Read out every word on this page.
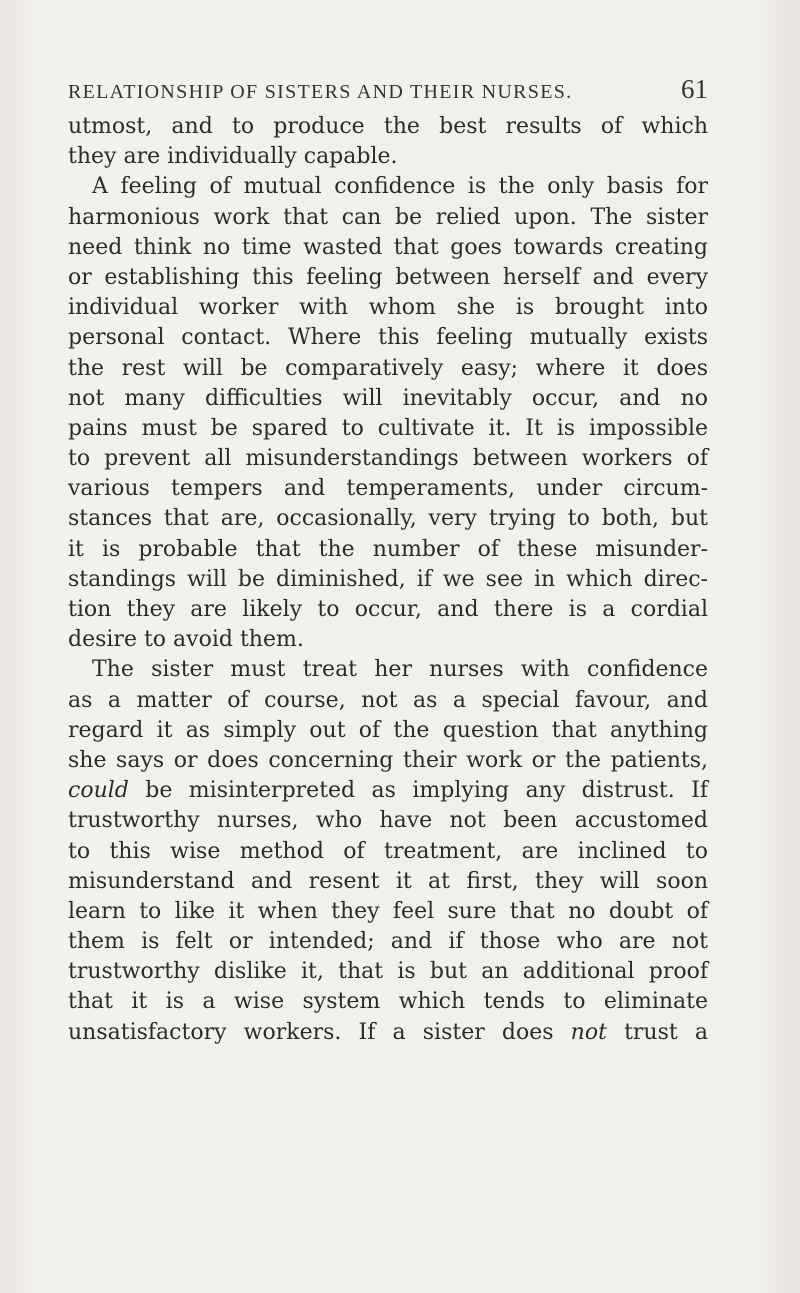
RELATIONSHIP OF SISTERS AND THEIR NURSES.	61
utmost, and to produce the best results of which
they are individually capable.
A feeling of mutual confidence is the only basis for
harmonious work that can be relied upon. The sister
need think no time wasted that goes towards creating
or establishing this feeling between herself and every
individual worker with whom she is brought into
personal contact. Where this feeling mutually exists
the rest will be comparatively easy; where it does
not many difficulties will inevitably occur, and no
pains must be spared to cultivate it. It is impossible
to prevent all misunderstandings between workers of
various tempers and temperaments, under circum-
stances that are, occasionally, very trying to both, but
it is probable that the number of these misunder-
standings will be diminished, if we see in which direc-
tion they are likely to occur, and there is a cordial
desire to avoid them.
The sister must treat her nurses with confidence
as a matter of course, not as a special favour, and
regard it as simply out of the question that anything
she says or does concerning their work or the patients,
could be misinterpreted as implying any distrust. If
trustworthy nurses, who have not been accustomed
to this wise method of treatment, are inclined to
misunderstand and resent it at first, they will soon
learn to like it when they feel sure that no doubt of
them is felt or intended; and if those who are not
trustworthy dislike it, that is but an additional proof
that it is a wise system which tends to eliminate
unsatisfactory workers. If a sister does not trust a
